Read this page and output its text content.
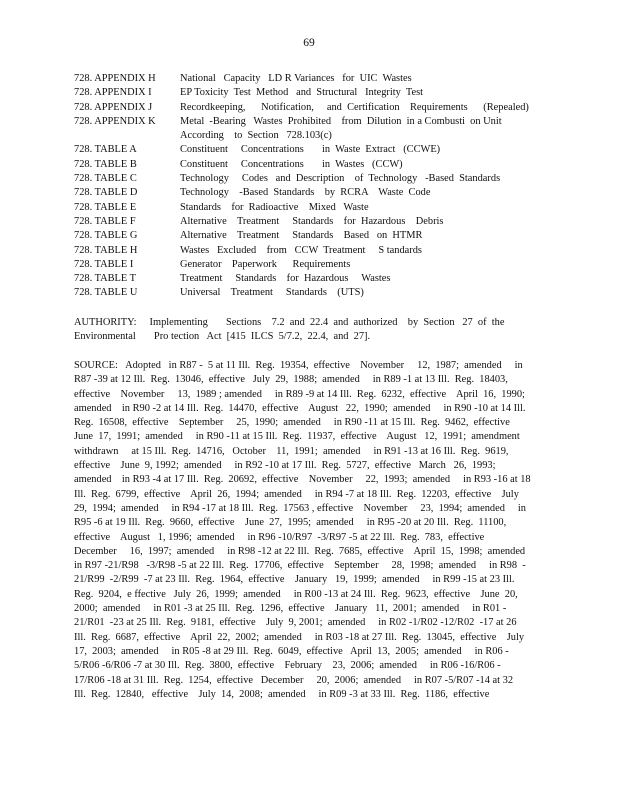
69
728. APPENDIX H	National   Capacity   LD R Variances   for  UIC  Wastes
728. APPENDIX I	EP Toxicity  Test  Method   and  Structural   Integrity  Test
728. APPENDIX J	Recordkeeping,      Notification,     and  Certification    Requirements      (Repealed)
728. APPENDIX K	Metal  -Bearing   Wastes  Prohibited    from  Dilution  in a Combusti  on Unit
According    to  Section   728.103(c)
728. TABLE A	Constituent     Concentrations       in  Waste  Extract   (CCWE)
728. TABLE B	Constituent     Concentrations       in  Wastes   (CCW)
728. TABLE C	Technology     Codes   and  Description    of  Technology   -Based  Standards
728. TABLE D	Technology    -Based  Standards    by  RCRA    Waste  Code
728. TABLE E	Standards    for  Radioactive    Mixed   Waste
728. TABLE F	Alternative    Treatment     Standards    for  Hazardous    Debris
728. TABLE G	Alternative    Treatment     Standards    Based   on  HTMR
728. TABLE H	Wastes   Excluded    from   CCW  Treatment     S tandards
728. TABLE I	Generator    Paperwork      Requirements
728. TABLE T	Treatment     Standards    for  Hazardous     Wastes
728. TABLE U	Universal    Treatment     Standards    (UTS)
AUTHORITY:     Implementing       Sections    7.2  and  22.4  and  authorized    by  Section   27  of  the
Environmental       Pro tection   Act  [415  ILCS  5/7.2,  22.4,  and  27].
SOURCE:   Adopted   in R87 -  5 at 11 Ill.  Reg.  19354,  effective    November     12,  1987;  amended     in
R87 -39 at 12 Ill.  Reg.  13046,  effective   July  29,  1988;  amended     in R89 -1 at 13 Ill.  Reg.  18403,
effective    November     13,  1989 ; amended     in R89 -9 at 14 Ill.  Reg.  6232,  effective    April  16,  1990;
amended    in R90 -2 at 14 Ill.  Reg.  14470,  effective    August   22,  1990;  amended     in R90 -10 at 14 Ill.
Reg.  16508,  effective    September     25,  1990;  amended     in R90 -11 at 15 Ill.  Reg.  9462,  effective
June  17,  1991;  amended     in R90 -11 at 15 Ill.  Reg.  11937,  effective    August   12,  1991;  amendment
withdrawn     at 15 Ill.  Reg.  14716,   October    11,  1991;  amended     in R91 -13 at 16 Ill.  Reg.  9619,
effective    June  9, 1992;  amended     in R92 -10 at 17 Ill.  Reg.  5727,  effective   March   26,  1993;
amended    in R93 -4 at 17 Ill.  Reg.  20692,  effective    November     22,  1993;  amended     in R93 -16 at 18
Ill.  Reg.  6799,  effective    April  26,  1994;  amended     in R94 -7 at 18 Ill.  Reg.  12203,  effective    July
29,  1994;  amended     in R94 -17 at 18 Ill.  Reg.  17563 , effective    November     23,  1994;  amended     in
R95 -6 at 19 Ill.  Reg.  9660,  effective    June  27,  1995;  amended     in R95 -20 at 20 Ill.  Reg.  11100,
effective    August   1, 1996;  amended     in R96 -10/R97  -3/R97 -5 at 22 Ill.  Reg.  783,  effective
December     16,  1997;  amended     in R98 -12 at 22 Ill.  Reg.  7685,  effective    April  15,  1998;  amended
in R97 -21/R98   -3/R98 -5 at 22 Ill.  Reg.  17706,  effective    September     28,  1998;  amended     in R98  -
21/R99  -2/R99  -7 at 23 Ill.  Reg.  1964,  effective    January   19,  1999;  amended     in R99 -15 at 23 Ill.
Reg.  9204,  e ffective   July  26,  1999;  amended     in R00 -13 at 24 Ill.  Reg.  9623,  effective    June  20,
2000;  amended     in R01 -3 at 25 Ill.  Reg.  1296,  effective    January   11,  2001;  amended     in R01 -
21/R01  -23 at 25 Ill.  Reg.  9181,  effective    July  9, 2001;  amended     in R02 -1/R02 -12/R02  -17 at 26
Ill.  Reg.  6687,  effective    April  22,  2002;  amended     in R03 -18 at 27 Ill.  Reg.  13045,  effective    July
17,  2003;  amended     in R05 -8 at 29 Ill.  Reg.  6049,  effective   April  13,  2005;  amended     in R06 -
5/R06 -6/R06 -7 at 30 Ill.  Reg.  3800,  effective    February    23,  2006;  amended     in R06 -16/R06 -
17/R06 -18 at 31 Ill.  Reg.  1254,  effective   December     20,  2006;  amended     in R07 -5/R07 -14 at 32
Ill.  Reg.  12840,   effective    July  14,  2008;  amended     in R09 -3 at 33 Ill.  Reg.  1186,  effective
